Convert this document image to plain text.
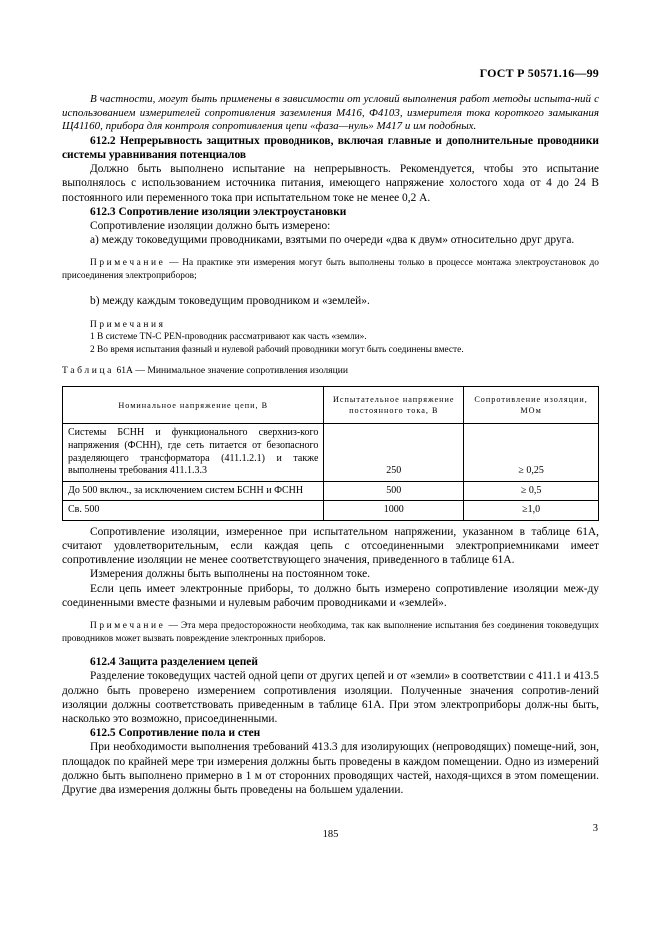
ГОСТ Р 50571.16—99

В частности, могут быть применены в зависимости от условий выполнения работ методы испыта-ний с использованием измерителей сопротивления заземления М416, Ф4103, измерителя тока короткого замыкания Щ41160, прибора для контроля сопротивления цепи «фаза—нуль» М417 и им подобных.

612.2 Непрерывность защитных проводников, включая главные и дополнительные проводники системы уравнивания потенциалов

Должно быть выполнено испытание на непрерывность. Рекомендуется, чтобы это испытание выполнялось с использованием источника питания, имеющего напряжение холостого хода от 4 до 24 В постоянного или переменного тока при испытательном токе не менее 0,2 А.

612.3 Сопротивление изоляции электроустановки

Сопротивление изоляции должно быть измерено:

а) между токоведущими проводниками, взятыми по очереди «два к двум» относительно друг друга.

Примечание — На практике эти измерения могут быть выполнены только в процессе монтажа электроустановок до присоединения электроприборов;

b) между каждым токоведущим проводником и «землей».

Примечания

1 В системе TN-C PEN-проводник рассматривают как часть «земли».

2 Во время испытания фазный и нулевой рабочий проводники могут быть соединены вместе.

Таблица 61А — Минимальное значение сопротивления изоляции

Номинальное напряжение цепи, В	Испытательное напряжение постоянного тока, В	Сопротивление изоляции, МОм
Системы БСНН и функционального сверхниз-кого напряжения (ФСНН), где сеть питается от безопасного разделяющего трансформатора (411.1.2.1) и также выполнены требования 411.1.3.3	250	≥ 0,25
До 500 включ., за исключением систем БСНН и ФСНН	500	≥ 0,5
Св. 500	1000	≥1,0

Сопротивление изоляции, измеренное при испытательном напряжении, указанном в таблице 61А, считают удовлетворительным, если каждая цепь с отсоединенными электроприемниками имеет сопротивление изоляции не менее соответствующего значения, приведенного в таблице 61А.

Измерения должны быть выполнены на постоянном токе.

Если цепь имеет электронные приборы, то должно быть измерено сопротивление изоляции меж-ду соединенными вместе фазными и нулевым рабочим проводниками и «землей».

Примечание — Эта мера предосторожности необходима, так как выполнение испытания без соединения токоведущих проводников может вызвать повреждение электронных приборов.

612.4 Защита разделением цепей

Разделение токоведущих частей одной цепи от других цепей и от «земли» в соответствии с 411.1 и 413.5 должно быть проверено измерением сопротивления изоляции. Полученные значения сопротив-лений изоляции должны соответствовать приведенным в таблице 61А. При этом электроприборы долж-ны быть, насколько это возможно, присоединенными.

612.5 Сопротивление пола и стен

При необходимости выполнения требований 413.3 для изолирующих (непроводящих) помеще-ний, зон, площадок по крайней мере три измерения должны быть проведены в каждом помещении. Одно из измерений должно быть выполнено примерно в 1 м от сторонних проводящих частей, находя-щихся в этом помещении. Другие два измерения должны быть проведены на большем удалении.

185
3
